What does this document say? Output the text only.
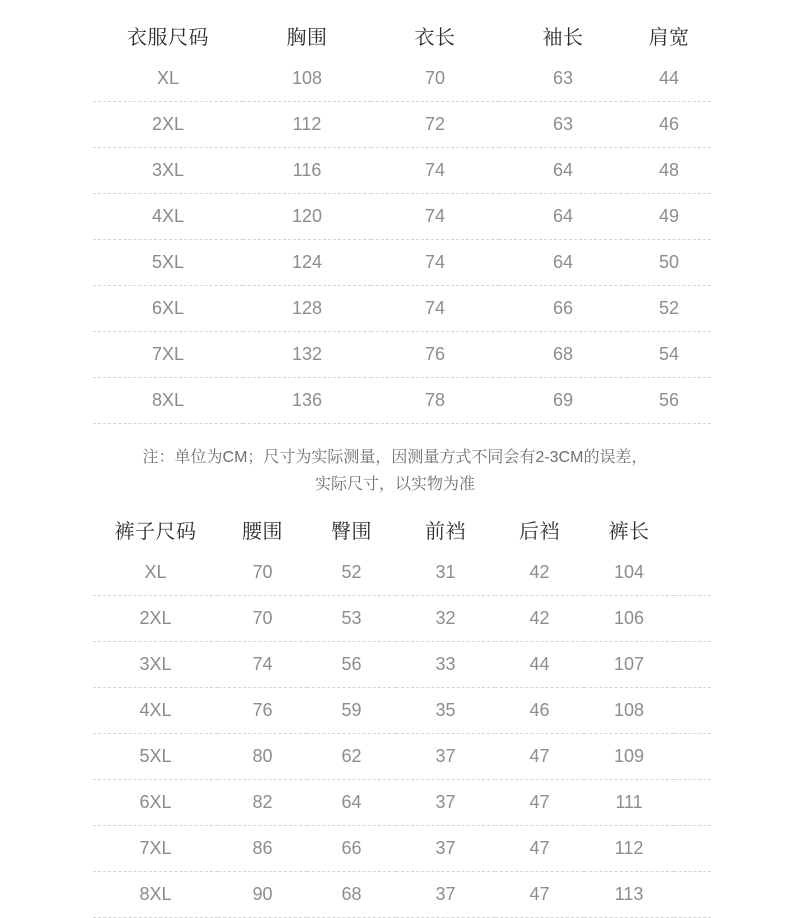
衣服尺码	胸围	衣长	袖长	肩宽
XL	108	70	63	44
2XL	112	72	63	46
3XL	116	74	64	48
4XL	120	74	64	49
5XL	124	74	64	50
6XL	128	74	66	52
7XL	132	76	68	54
8XL	136	78	69	56
注：单位为CM；尺寸为实际测量，因测量方式不同会有2-3CM的误差，
实际尺寸，以实物为准
裤子尺码	腰围	臀围	前裆	后裆	裤长	
XL	70	52	31	42	104	
2XL	70	53	32	42	106	
3XL	74	56	33	44	107	
4XL	76	59	35	46	108	
5XL	80	62	37	47	109	
6XL	82	64	37	47	111	
7XL	86	66	37	47	112	
8XL	90	68	37	47	113	
